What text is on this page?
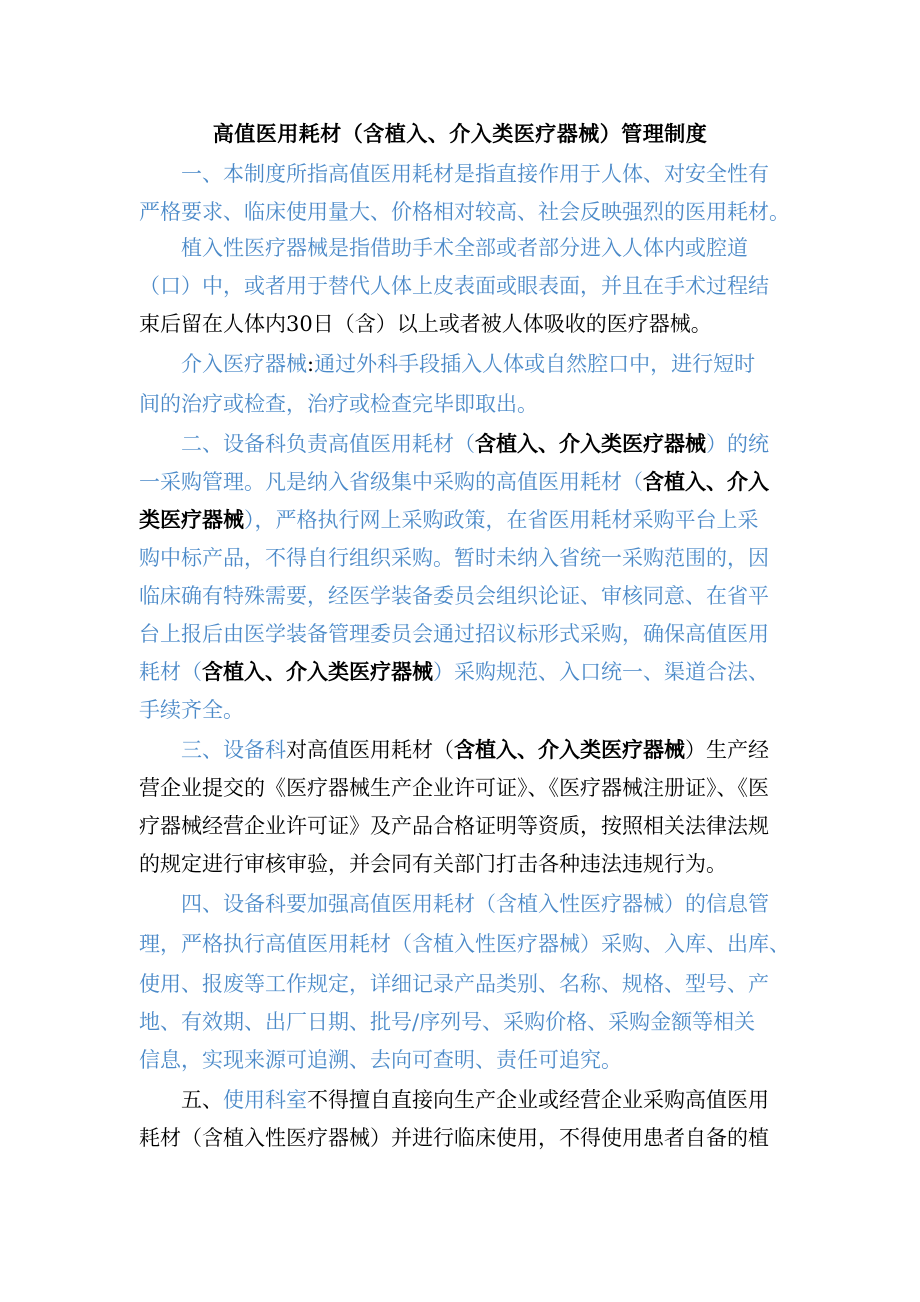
高值医用耗材（含植入、介入类医疗器械）管理制度
一、本制度所指高值医用耗材是指直接作用于人体、对安全性有
严格要求、临床使用量大、价格相对较高、社会反映强烈的医用耗材。
植入性医疗器械是指借助手术全部或者部分进入人体内或腔道
（口）中，或者用于替代人体上皮表面或眼表面，并且在手术过程结
束后留在人体内30日（含）以上或者被人体吸收的医疗器械。
介入医疗器械:通过外科手段插入人体或自然腔口中，进行短时
间的治疗或检查，治疗或检查完毕即取出。
二、设备科负责高值医用耗材（含植入、介入类医疗器械）的统
一采购管理。凡是纳入省级集中采购的高值医用耗材（含植入、介入
类医疗器械），严格执行网上采购政策，在省医用耗材采购平台上采
购中标产品，不得自行组织采购。暂时未纳入省统一采购范围的，因
临床确有特殊需要，经医学装备委员会组织论证、审核同意、在省平
台上报后由医学装备管理委员会通过招议标形式采购，确保高值医用
耗材（含植入、介入类医疗器械）采购规范、入口统一、渠道合法、
手续齐全。
三、设备科对高值医用耗材（含植入、介入类医疗器械）生产经
营企业提交的《医疗器械生产企业许可证》、《医疗器械注册证》、《医
疗器械经营企业许可证》及产品合格证明等资质，按照相关法律法规
的规定进行审核审验，并会同有关部门打击各种违法违规行为。
四、设备科要加强高值医用耗材（含植入性医疗器械）的信息管
理，严格执行高值医用耗材（含植入性医疗器械）采购、入库、出库、
使用、报废等工作规定，详细记录产品类别、名称、规格、型号、产
地、有效期、出厂日期、批号/序列号、采购价格、采购金额等相关
信息，实现来源可追溯、去向可查明、责任可追究。
五、使用科室不得擅自直接向生产企业或经营企业采购高值医用
耗材（含植入性医疗器械）并进行临床使用，不得使用患者自备的植
